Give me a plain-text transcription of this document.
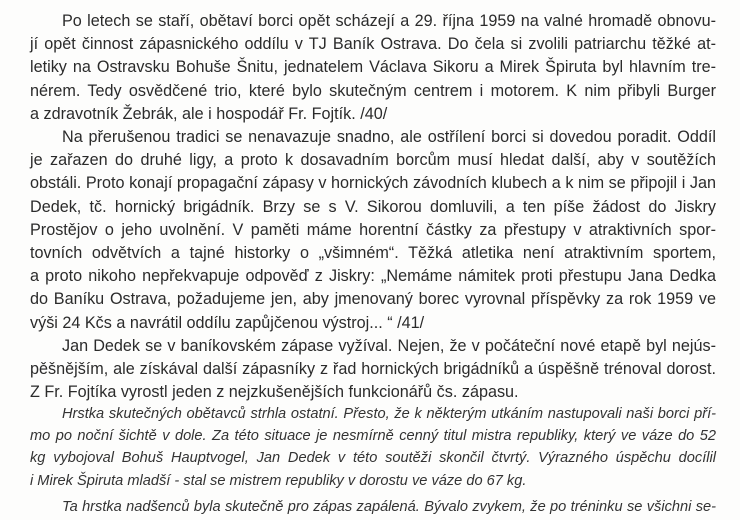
Po letech se staří, obětaví borci opět scházejí a 29. října 1959 na valné hromadě obnovu-
jí opět činnost zápasnického oddílu v TJ Baník Ostrava. Do čela si zvolili patriarchu těžké at-
letiky na Ostravsku Bohuše Šnitu, jednatelem Václava Sikoru a Mirek Špiruta byl hlavním tre-
nérem. Tedy osvědčené trio, které bylo skutečným centrem i motorem. K nim přibyli Burger
a zdravotník Žebrák, ale i hospodář Fr. Fojtík. /40/
Na přerušenou tradici se nenavazuje snadno, ale ostřílení borci si dovedou poradit. Oddíl
je zařazen do druhé ligy, a proto k dosavadním borcům musí hledat další, aby v soutěžích
obstáli. Proto konají propagační zápasy v hornických závodních klubech a k nim se připojil i Jan
Dedek, tč. hornický brigádník. Brzy se s V. Sikorou domluvili, a ten píše žádost do Jiskry
Prostějov o jeho uvolnění. V paměti máme horentní částky za přestupy v atraktivních spor-
tovních odvětvích a tajné historky o „všimném“. Těžká atletika není atraktivním sportem,
a proto nikoho nepřekvapuje odpověď z Jiskry: „Nemáme námitek proti přestupu Jana Dedka
do Baníku Ostrava, požadujeme jen, aby jmenovaný borec vyrovnal příspěvky za rok 1959 ve
výši 24 Kčs a navrátil oddílu zapůjčenou výstroj... “ /41/
Jan Dedek se v baníkovském zápase vyžíval. Nejen, že v počáteční nové etapě byl nejús-
pěšnějším, ale získával další zápasníky z řad hornických brigádníků a úspěšně trénoval dorost.
Z Fr. Fojtíka vyrostl jeden z nejzkušenějších funkcionářů čs. zápasu.
Hrstka skutečných obětavců strhla ostatní. Přesto, že k některým utkáním nastupovali naši borci pří-
mo po noční šichtě v dole. Za této situace je nesmírně cenný titul mistra republiky, který ve váze do 52
kg vybojoval Bohuš Hauptvogel, Jan Dedek v této soutěži skončil čtvrtý. Výrazného úspěchu docílil
i Mirek Špiruta mladší - stal se mistrem republiky v dorostu ve váze do 67 kg.
Ta hrstka nadšenců byla skutečně pro zápas zapálená. Bývalo zvykem, že po tréninku se všichni se-
